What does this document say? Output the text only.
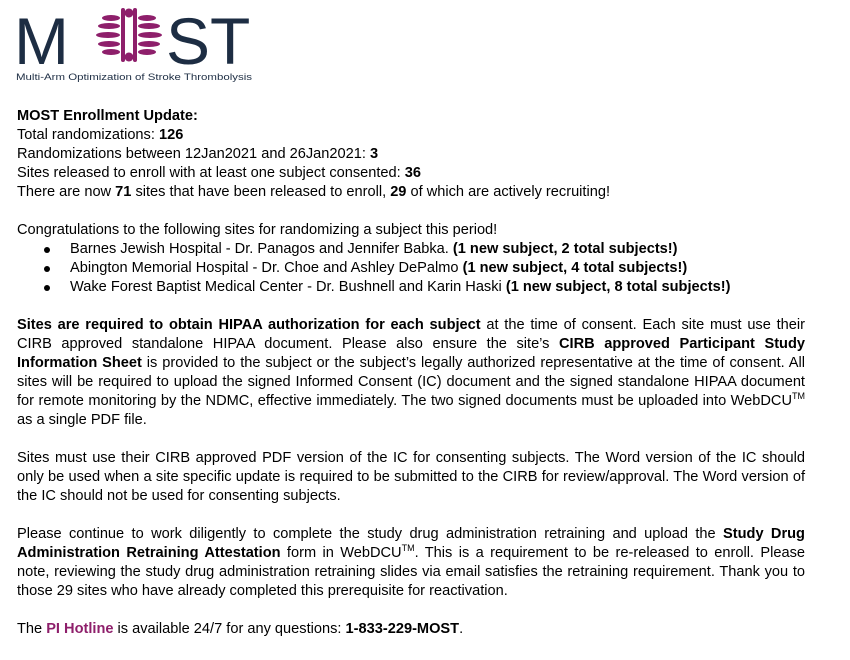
M ST
Multi-Arm Optimization of Stroke Thrombolysis

MOST Enrollment Update:

Total randomizations: 126

Randomizations between 12Jan2021 and 26Jan2021: 3

Sites released to enroll with at least one subject consented: 36

There are now 71 sites that have been released to enroll, 29 of which are actively recruiting!

Congratulations to the following sites for randomizing a subject this period!

Barnes Jewish Hospital - Dr. Panagos and Jennifer Babka. (1 new subject, 2 total subjects!)
Abington Memorial Hospital - Dr. Choe and Ashley DePalmo (1 new subject, 4 total subjects!)
Wake Forest Baptist Medical Center - Dr. Bushnell and Karin Haski (1 new subject, 8 total subjects!)

Sites are required to obtain HIPAA authorization for each subject at the time of consent. Each site must use their CIRB approved standalone HIPAA document. Please also ensure the site’s CIRB approved Participant Study Information Sheet is provided to the subject or the subject’s legally authorized representative at the time of consent. All sites will be required to upload the signed Informed Consent (IC) document and the signed standalone HIPAA document for remote monitoring by the NDMC, effective immediately. The two signed documents must be uploaded into WebDCU™ as a single PDF file.

Sites must use their CIRB approved PDF version of the IC for consenting subjects. The Word version of the IC should only be used when a site specific update is required to be submitted to the CIRB for review/approval. The Word version of the IC should not be used for consenting subjects.

Please continue to work diligently to complete the study drug administration retraining and upload the Study Drug Administration Retraining Attestation form in WebDCU™. This is a requirement to be re-released to enroll. Please note, reviewing the study drug administration retraining slides via email satisfies the retraining requirement. Thank you to those 29 sites who have already completed this prerequisite for reactivation.

The PI Hotline is available 24/7 for any questions: 1-833-229-MOST.
